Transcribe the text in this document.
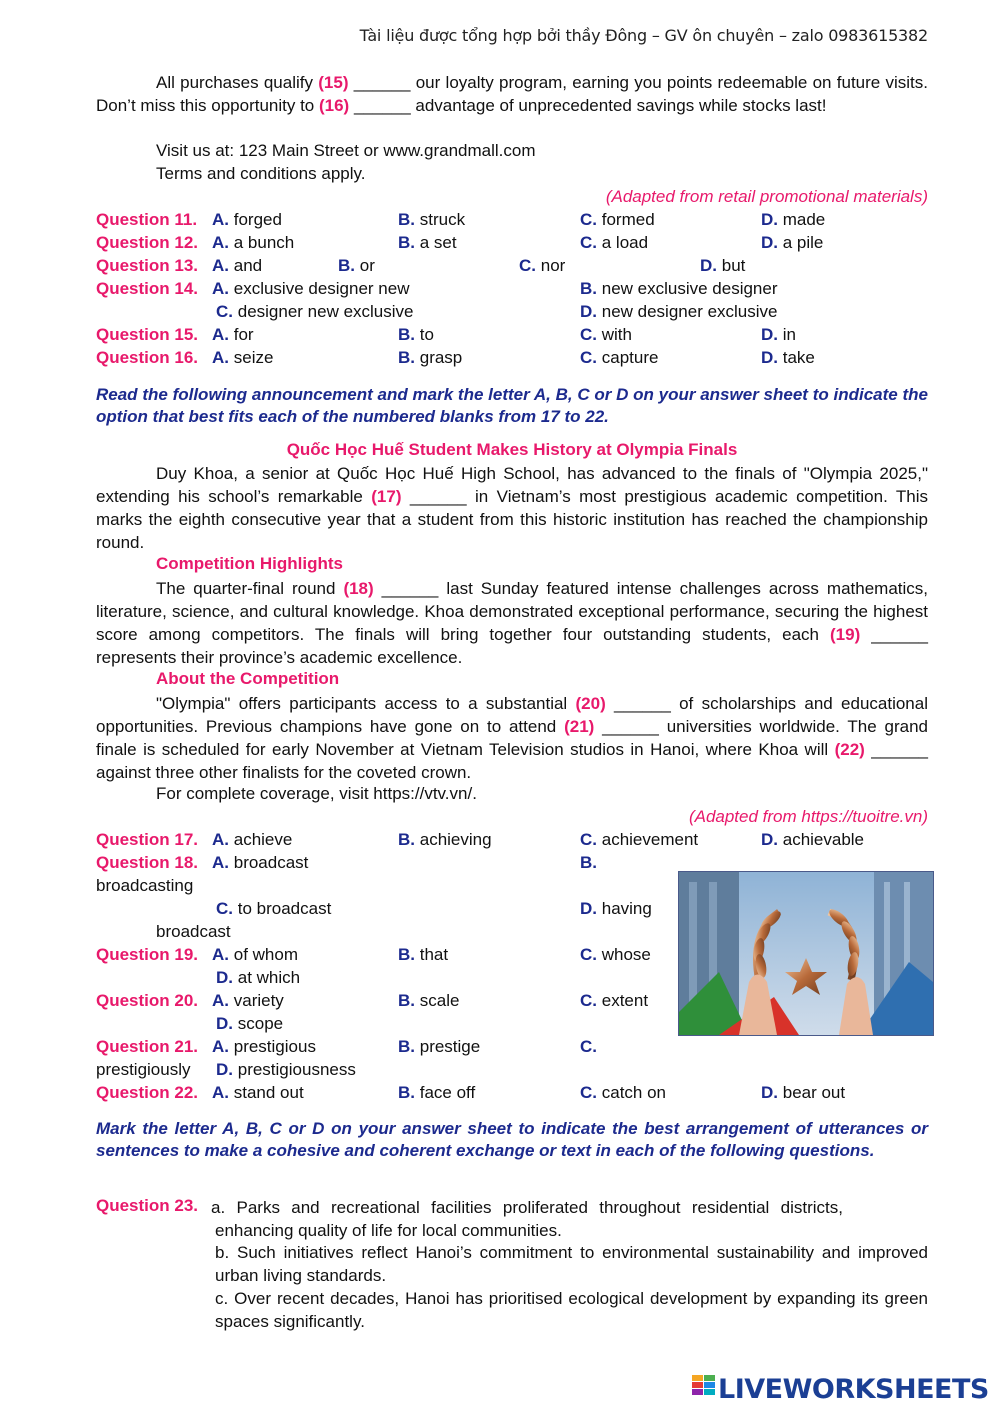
Tài liệu được tổng hợp bởi thầy Đông – GV ôn chuyên – zalo 0983615382
All purchases qualify (15) ______ our loyalty program, earning you points redeemable on future visits. Don’t miss this opportunity to (16) ______ advantage of unprecedented savings while stocks last!
Visit us at: 123 Main Street or www.grandmall.com
Terms and conditions apply.
(Adapted from retail promotional materials)
Question 11. A. forged	B. struck	C. formed	D. made
Question 12. A. a bunch	B. a set	C. a load	D. a pile
Question 13. A. and	B. or	C. nor	D. but
Question 14. A. exclusive designer new	B. new exclusive designer
C. designer new exclusive	D. new designer exclusive
Question 15. A. for	B. to	C. with	D. in
Question 16. A. seize	B. grasp	C. capture	D. take
Read the following announcement and mark the letter A, B, C or D on your answer sheet to indicate the option that best fits each of the numbered blanks from 17 to 22.
Quốc Học Huế Student Makes History at Olympia Finals
Duy Khoa, a senior at Quốc Học Huế High School, has advanced to the finals of "Olympia 2025," extending his school’s remarkable (17) ______ in Vietnam’s most prestigious academic competition. This marks the eighth consecutive year that a student from this historic institution has reached the championship round.
Competition Highlights
The quarter-final round (18) ______ last Sunday featured intense challenges across mathematics, literature, science, and cultural knowledge. Khoa demonstrated exceptional performance, securing the highest score among competitors. The finals will bring together four outstanding students, each (19) ______ represents their province’s academic excellence.
About the Competition
"Olympia" offers participants access to a substantial (20) ______ of scholarships and educational opportunities. Previous champions have gone on to attend (21) ______ universities worldwide. The grand finale is scheduled for early November at Vietnam Television studios in Hanoi, where Khoa will (22) ______ against three other finalists for the coveted crown.
For complete coverage, visit https://vtv.vn/.
(Adapted from https://tuoitre.vn)
Question 17. A. achieve	B. achieving	C. achievement	D. achievable
Question 18. A. broadcast	B.
broadcasting
C. to broadcast	D. having
broadcast
Question 19. A. of whom	B. that	C. whose
D. at which
Question 20. A. variety	B. scale	C. extent
D. scope
Question 21. A. prestigious	B. prestige	C.
prestigiously D. prestigiousness
Question 22. A. stand out	B. face off	C. catch on	D. bear out
Mark the letter A, B, C or D on your answer sheet to indicate the best arrangement of utterances or sentences to make a cohesive and coherent exchange or text in each of the following questions.
Question 23. a. Parks and recreational facilities proliferated throughout residential districts, enhancing quality of life for local communities.
b. Such initiatives reflect Hanoi’s commitment to environmental sustainability and improved urban living standards.
c. Over recent decades, Hanoi has prioritised ecological development by expanding its green spaces significantly.
LIVEWORKSHEETS
